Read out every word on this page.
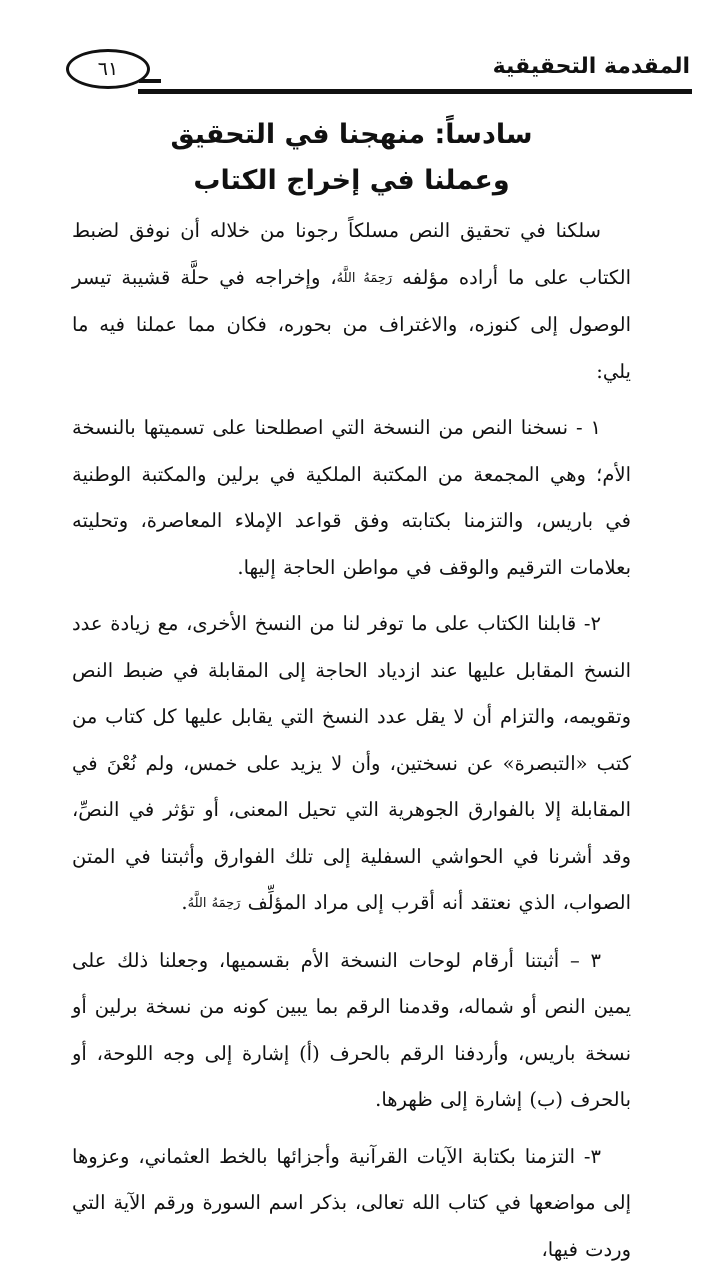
المقدمة التحقيقية
٦١
سادساً: منهجنا في التحقيق
وعملنا في إخراج الكتاب

سلكنا في تحقيق النص مسلكاً رجونا من خلاله أن نوفق لضبط الكتاب على ما أراده مؤلفه رَحِمَهُ اللَّهُ، وإخراجه في حلَّة قشيبة تيسر الوصول إلى كنوزه، والاغتراف من بحوره، فكان مما عملنا فيه ما يلي:

١ - نسخنا النص من النسخة التي اصطلحنا على تسميتها بالنسخة الأم؛ وهي المجمعة من المكتبة الملكية في برلين والمكتبة الوطنية في باريس، والتزمنا بكتابته وفق قواعد الإملاء المعاصرة، وتحليته بعلامات الترقيم والوقف في مواطن الحاجة إليها.

٢- قابلنا الكتاب على ما توفر لنا من النسخ الأخرى، مع زيادة عدد النسخ المقابل عليها عند ازدياد الحاجة إلى المقابلة في ضبط النص وتقويمه، والتزام أن لا يقل عدد النسخ التي يقابل عليها كل كتاب من كتب «التبصرة» عن نسختين، وأن لا يزيد على خمس، ولم نُعْنَ في المقابلة إلا بالفوارق الجوهرية التي تحيل المعنى، أو تؤثر في النصِّ، وقد أشرنا في الحواشي السفلية إلى تلك الفوارق وأثبتنا في المتن الصواب، الذي نعتقد أنه أقرب إلى مراد المؤلِّف رَحِمَهُ اللَّهُ.

٣ – أثبتنا أرقام لوحات النسخة الأم بقسميها، وجعلنا ذلك على يمين النص أو شماله، وقدمنا الرقم بما يبين كونه من نسخة برلين أو نسخة باريس، وأردفنا الرقم بالحرف (أ) إشارة إلى وجه اللوحة، أو بالحرف (ب) إشارة إلى ظهرها.

٣- التزمنا بكتابة الآيات القرآنية وأجزائها بالخط العثماني، وعزوها إلى مواضعها في كتاب الله تعالى، بذكر اسم السورة ورقم الآية التي وردت فيها،
